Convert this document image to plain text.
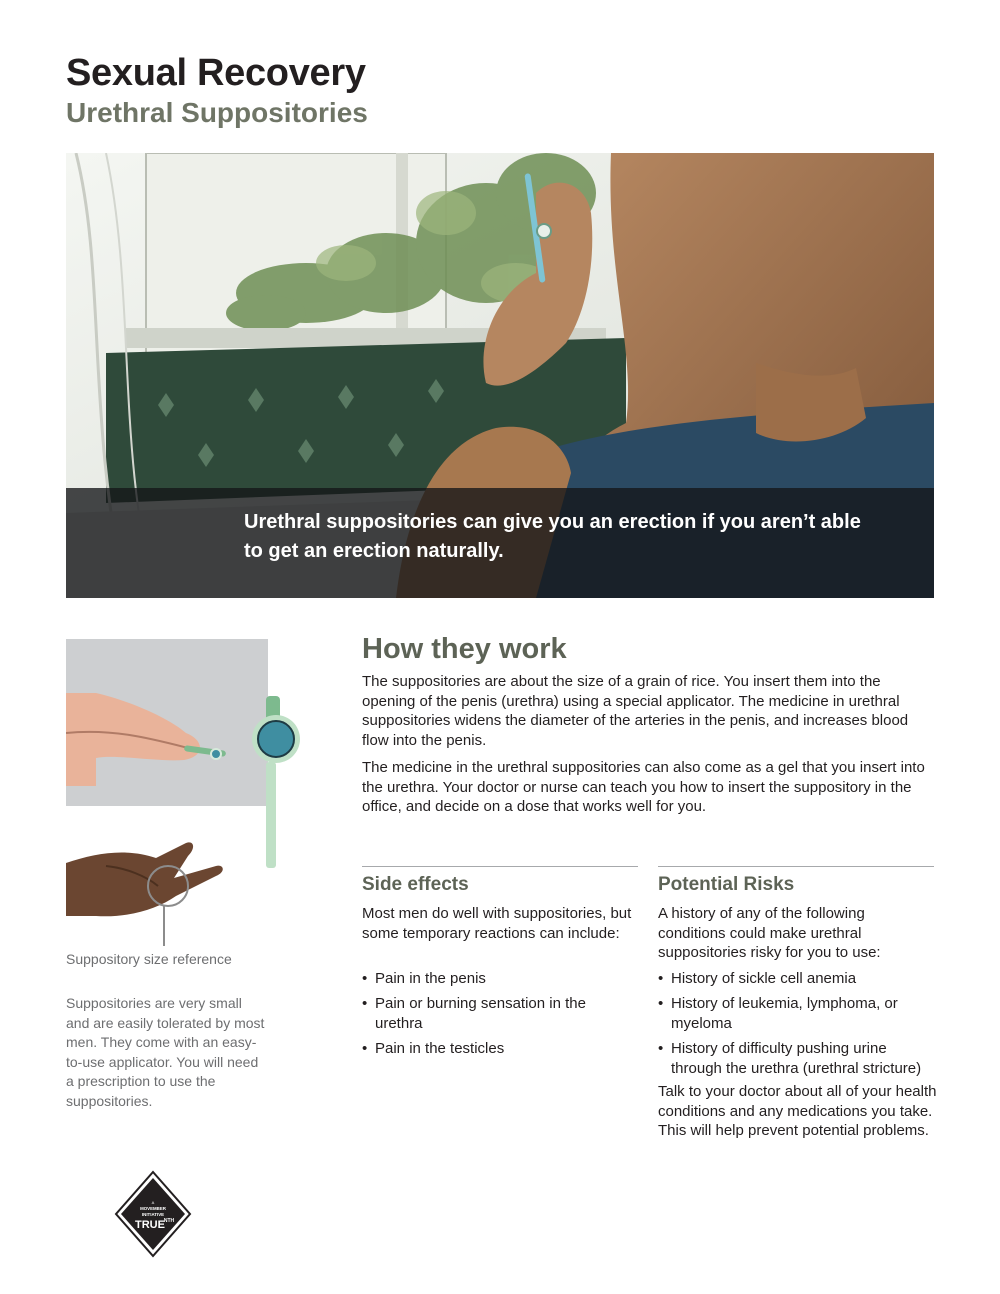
Sexual Recovery
Urethral Suppositories

Urethral suppositories can give you an erection if you aren’t able to get an erection naturally.

Suppository size reference

Suppositories are very small and are easily tolerated by most men. They come with an easy-to-use applicator. You will need a prescription to use the suppositories.

How they work

The suppositories are about the size of a grain of rice. You insert them into the opening of the penis (urethra) using a special applicator. The medicine in urethral suppositories widens the diameter of the arteries in the penis, and increases blood flow into the penis.

The medicine in the urethral suppositories can also come as a gel that you insert into the urethra. Your doctor or nurse can teach you how to insert the suppository in the office, and decide on a dose that works well for you.

Side effects

Most men do well with suppositories, but some temporary reactions can include:

• Pain in the penis
• Pain or burning sensation in the urethra
• Pain in the testicles
Potential Risks

A history of any of the following conditions could make urethral suppositories risky for you to use:

• History of sickle cell anemia
• History of leukemia, lymphoma, or myeloma
• History of difficulty pushing urine through the urethra (urethral stricture)

Talk to your doctor about all of your health conditions and any medications you take. This will help prevent potential problems.

A
MOVEMBER
INITIATIVE
TRUE
NTH
